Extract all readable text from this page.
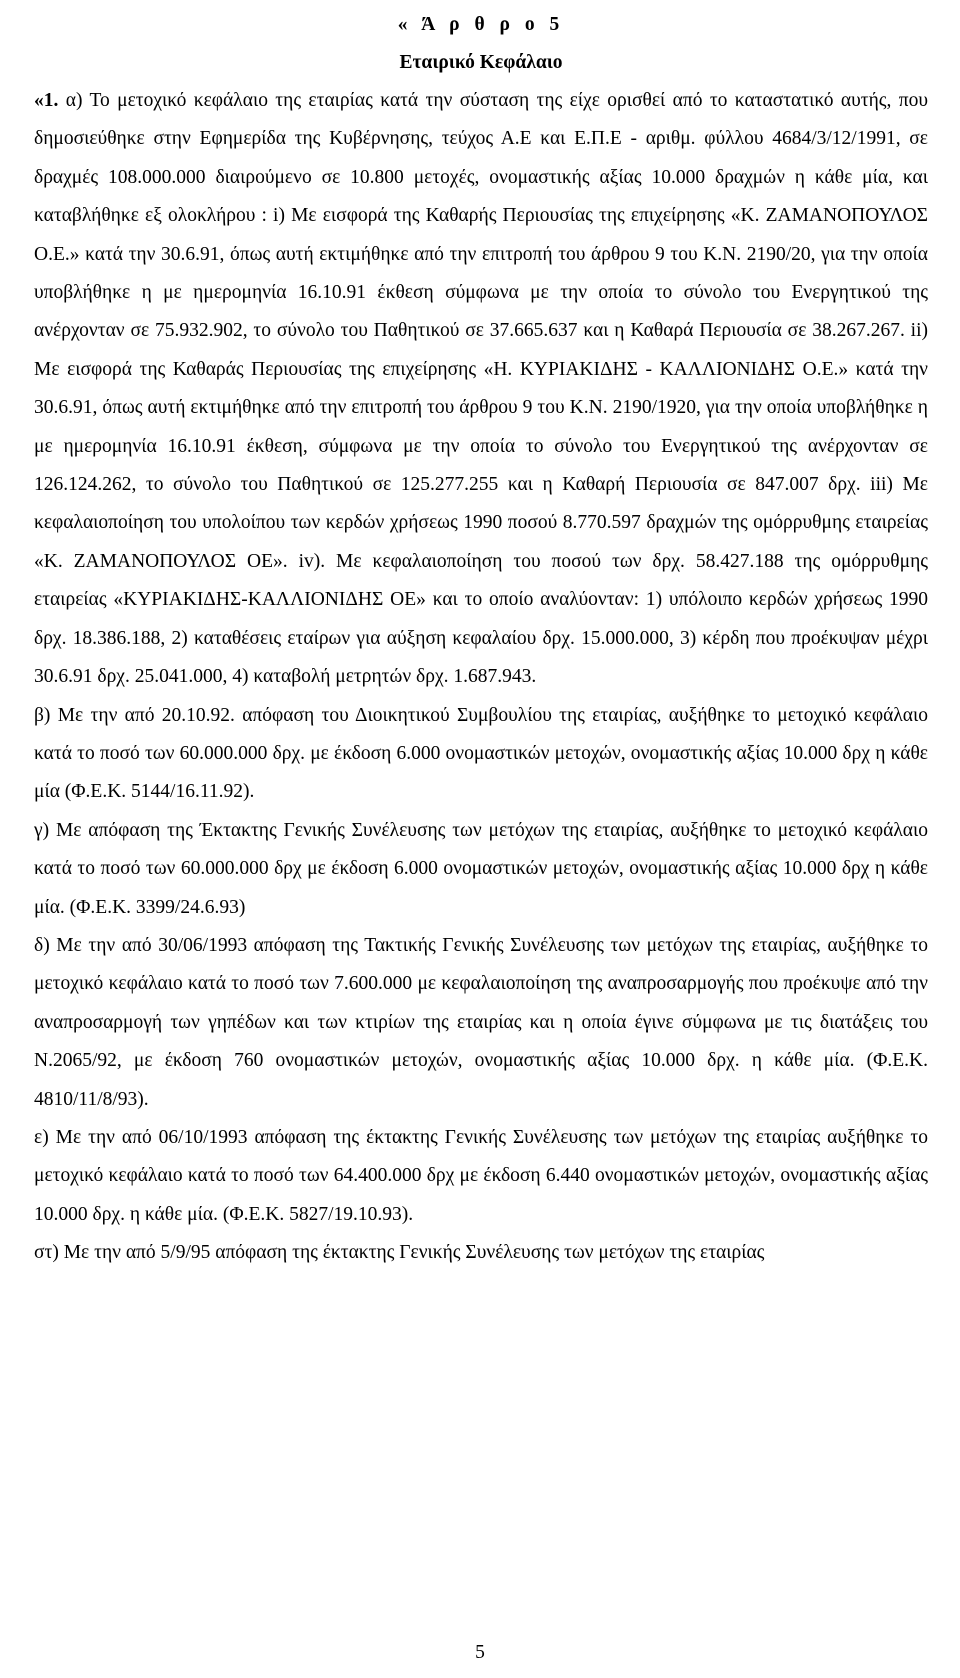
« Ά ρ θ ρ ο 5

Εταιρικό Κεφάλαιο

«1. α) Το μετοχικό κεφάλαιο της εταιρίας κατά την σύσταση της είχε ορισθεί από το καταστατικό αυτής, που δημοσιεύθηκε στην Εφημερίδα της Κυβέρνησης, τεύχος Α.Ε και Ε.Π.Ε - αριθμ. φύλλου 4684/3/12/1991, σε δραχμές 108.000.000 διαιρούμενο σε 10.800 μετοχές, ονομαστικής αξίας 10.000 δραχμών η κάθε μία, και καταβλήθηκε εξ ολοκλήρου : i) Με εισφορά της Καθαρής Περιουσίας της επιχείρησης «Κ. ΖΑΜΑΝΟΠΟΥΛΟΣ Ο.Ε.» κατά την 30.6.91, όπως αυτή εκτιμήθηκε από την επιτροπή του άρθρου 9 του Κ.Ν. 2190/20, για την οποία υποβλήθηκε η με ημερομηνία 16.10.91 έκθεση σύμφωνα με την οποία το σύνολο του Ενεργητικού της ανέρχονταν σε 75.932.902, το σύνολο του Παθητικού σε 37.665.637 και η Καθαρά Περιουσία σε 38.267.267. ii) Με εισφορά της Καθαράς Περιουσίας της επιχείρησης «Η. ΚΥΡΙΑΚΙΔΗΣ - ΚΑΛΛΙΟΝΙΔΗΣ Ο.Ε.» κατά την 30.6.91, όπως αυτή εκτιμήθηκε από την επιτροπή του άρθρου 9 του Κ.Ν. 2190/1920, για την οποία υποβλήθηκε η με ημερομηνία 16.10.91 έκθεση, σύμφωνα με την οποία το σύνολο του Ενεργητικού της ανέρχονταν σε 126.124.262, το σύνολο του Παθητικού σε 125.277.255 και η Καθαρή Περιουσία σε 847.007 δρχ. iii) Με κεφαλαιοποίηση του υπολοίπου των κερδών χρήσεως 1990 ποσού 8.770.597 δραχμών της ομόρρυθμης εταιρείας «Κ. ΖΑΜΑΝΟΠΟΥΛΟΣ ΟΕ». iv). Με κεφαλαιοποίηση του ποσού των δρχ. 58.427.188 της ομόρρυθμης εταιρείας «ΚΥΡΙΑΚΙΔΗΣ-ΚΑΛΛΙΟΝΙΔΗΣ ΟΕ» και το οποίο αναλύονταν: 1) υπόλοιπο κερδών χρήσεως 1990 δρχ. 18.386.188, 2) καταθέσεις εταίρων για αύξηση κεφαλαίου δρχ. 15.000.000, 3) κέρδη που προέκυψαν μέχρι 30.6.91 δρχ. 25.041.000, 4) καταβολή μετρητών δρχ. 1.687.943.

β) Με την από 20.10.92. απόφαση του Διοικητικού Συμβουλίου της εταιρίας, αυξήθηκε το μετοχικό κεφάλαιο κατά το ποσό των 60.000.000 δρχ. με έκδοση 6.000 ονομαστικών μετοχών, ονομαστικής αξίας 10.000 δρχ η κάθε μία (Φ.Ε.Κ. 5144/16.11.92).

γ) Με απόφαση της Έκτακτης Γενικής Συνέλευσης των μετόχων της εταιρίας, αυξήθηκε το μετοχικό κεφάλαιο κατά το ποσό των 60.000.000 δρχ με έκδοση 6.000 ονομαστικών μετοχών, ονομαστικής αξίας 10.000 δρχ η κάθε μία. (Φ.Ε.Κ. 3399/24.6.93)

δ) Με την από 30/06/1993 απόφαση της Τακτικής Γενικής Συνέλευσης των μετόχων της εταιρίας, αυξήθηκε το μετοχικό κεφάλαιο κατά το ποσό των 7.600.000 με κεφαλαιοποίηση της αναπροσαρμογής που προέκυψε από την αναπροσαρμογή των γηπέδων και των κτιρίων της εταιρίας και η οποία έγινε σύμφωνα με τις διατάξεις του Ν.2065/92, με έκδοση 760 ονομαστικών μετοχών, ονομαστικής αξίας 10.000 δρχ. η κάθε μία. (Φ.Ε.Κ. 4810/11/8/93).

ε) Με την από 06/10/1993 απόφαση της έκτακτης Γενικής Συνέλευσης των μετόχων της εταιρίας αυξήθηκε το μετοχικό κεφάλαιο κατά το ποσό των 64.400.000 δρχ με έκδοση 6.440 ονομαστικών μετοχών, ονομαστικής αξίας 10.000 δρχ. η κάθε μία. (Φ.Ε.Κ. 5827/19.10.93).

στ) Με την από 5/9/95 απόφαση της έκτακτης Γενικής Συνέλευσης των μετόχων της εταιρίας

5
